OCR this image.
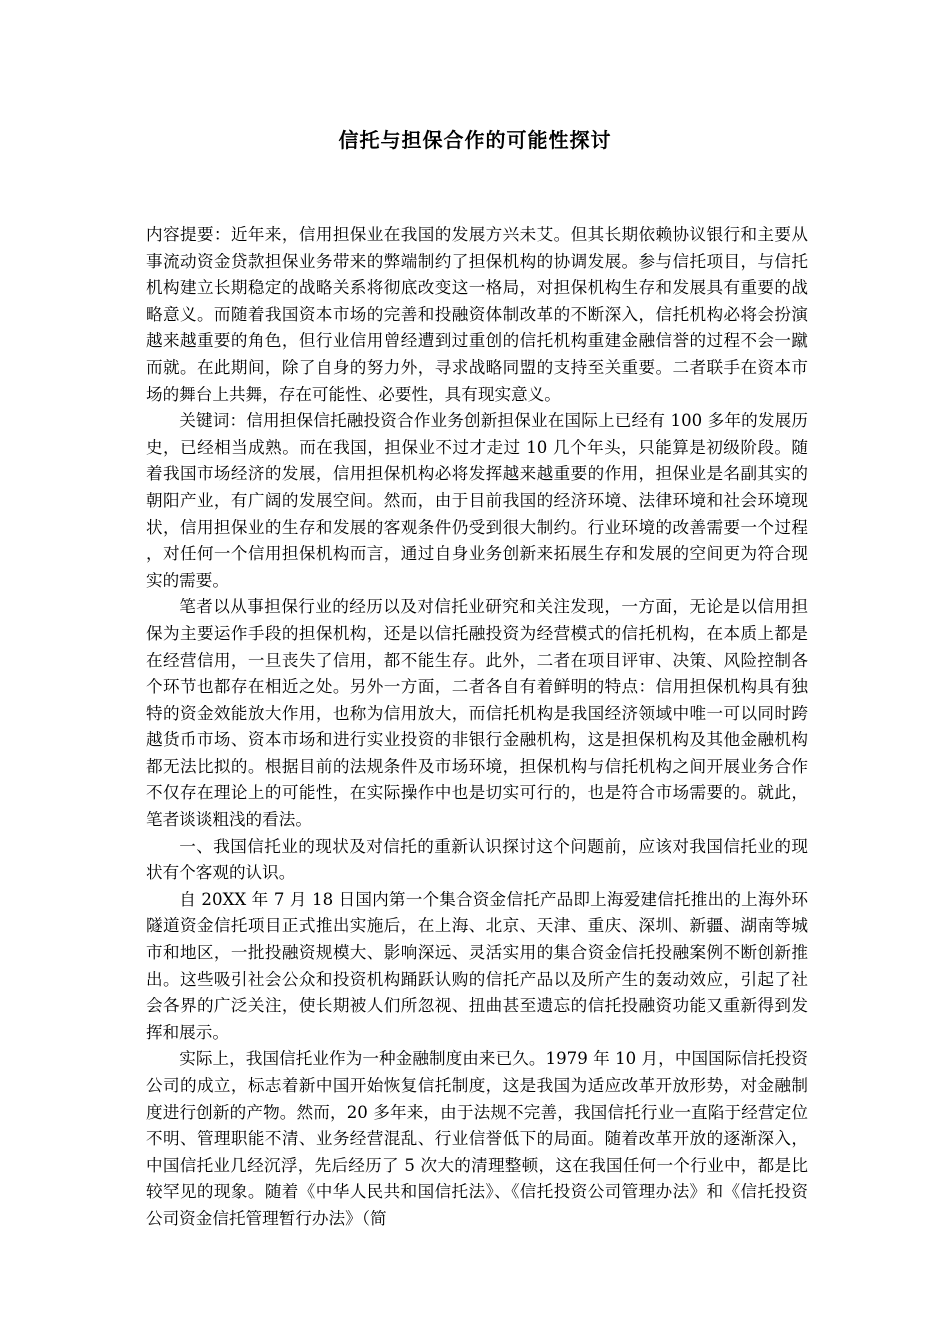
信托与担保合作的可能性探讨

内容提要：近年来，信用担保业在我国的发展方兴未艾。但其长期依赖协议银行和主要从事流动资金贷款担保业务带来的弊端制约了担保机构的协调发展。参与信托项目，与信托机构建立长期稳定的战略关系将彻底改变这一格局，对担保机构生存和发展具有重要的战略意义。而随着我国资本市场的完善和投融资体制改革的不断深入，信托机构必将会扮演越来越重要的角色，但行业信用曾经遭到过重创的信托机构重建金融信誉的过程不会一蹴而就。在此期间，除了自身的努力外，寻求战略同盟的支持至关重要。二者联手在资本市场的舞台上共舞，存在可能性、必要性，具有现实意义。

关键词：信用担保信托融投资合作业务创新担保业在国际上已经有 100 多年的发展历史，已经相当成熟。而在我国，担保业不过才走过 10 几个年头，只能算是初级阶段。随着我国市场经济的发展，信用担保机构必将发挥越来越重要的作用，担保业是名副其实的朝阳产业，有广阔的发展空间。然而，由于目前我国的经济环境、法律环境和社会环境现状，信用担保业的生存和发展的客观条件仍受到很大制约。行业环境的改善需要一个过程，对任何一个信用担保机构而言，通过自身业务创新来拓展生存和发展的空间更为符合现实的需要。

笔者以从事担保行业的经历以及对信托业研究和关注发现，一方面，无论是以信用担保为主要运作手段的担保机构，还是以信托融投资为经营模式的信托机构，在本质上都是在经营信用，一旦丧失了信用，都不能生存。此外，二者在项目评审、决策、风险控制各个环节也都存在相近之处。另外一方面，二者各自有着鲜明的特点：信用担保机构具有独特的资金效能放大作用，也称为信用放大，而信托机构是我国经济领域中唯一可以同时跨越货币市场、资本市场和进行实业投资的非银行金融机构，这是担保机构及其他金融机构都无法比拟的。根据目前的法规条件及市场环境，担保机构与信托机构之间开展业务合作不仅存在理论上的可能性，在实际操作中也是切实可行的，也是符合市场需要的。就此，笔者谈谈粗浅的看法。

一、我国信托业的现状及对信托的重新认识探讨这个问题前，应该对我国信托业的现状有个客观的认识。

自 20XX 年 7 月 18 日国内第一个集合资金信托产品即上海爱建信托推出的上海外环隧道资金信托项目正式推出实施后，在上海、北京、天津、重庆、深圳、新疆、湖南等城市和地区，一批投融资规模大、影响深远、灵活实用的集合资金信托投融案例不断创新推出。这些吸引社会公众和投资机构踊跃认购的信托产品以及所产生的轰动效应，引起了社会各界的广泛关注，使长期被人们所忽视、扭曲甚至遗忘的信托投融资功能又重新得到发挥和展示。

实际上，我国信托业作为一种金融制度由来已久。1979 年 10 月，中国国际信托投资公司的成立，标志着新中国开始恢复信托制度，这是我国为适应改革开放形势，对金融制度进行创新的产物。然而，20 多年来，由于法规不完善，我国信托行业一直陷于经营定位不明、管理职能不清、业务经营混乱、行业信誉低下的局面。随着改革开放的逐渐深入，中国信托业几经沉浮，先后经历了 5 次大的清理整顿，这在我国任何一个行业中，都是比较罕见的现象。随着《中华人民共和国信托法》、《信托投资公司管理办法》和《信托投资公司资金信托管理暂行办法》（简
